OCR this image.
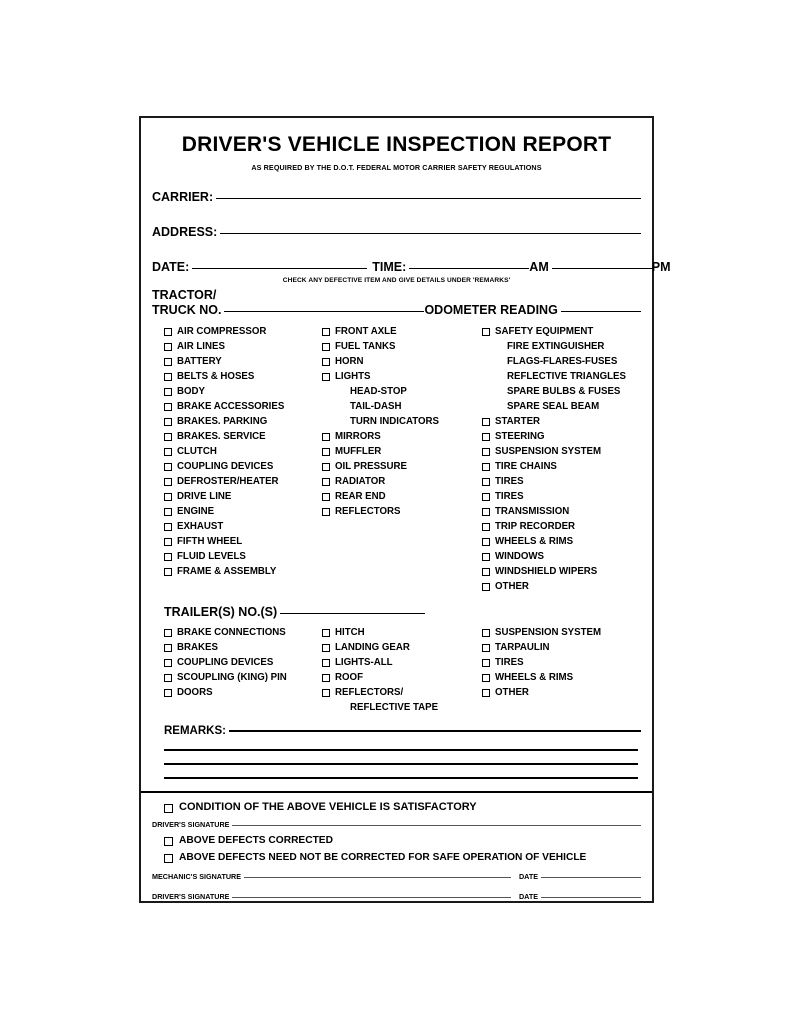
DRIVER'S VEHICLE INSPECTION REPORT
AS REQUIRED BY THE D.O.T. FEDERAL MOTOR CARRIER SAFETY REGULATIONS
CARRIER:
ADDRESS:
DATE:	TIME:	AM	PM
CHECK ANY DEFECTIVE ITEM AND GIVE DETAILS UNDER 'REMARKS'
TRACTOR/
TRUCK NO.	ODOMETER READING
AIR COMPRESSOR
AIR LINES
BATTERY
BELTS & HOSES
BODY
BRAKE ACCESSORIES
BRAKES. PARKING
BRAKES. SERVICE
CLUTCH
COUPLING DEVICES
DEFROSTER/HEATER
DRIVE LINE
ENGINE
EXHAUST
FIFTH WHEEL
FLUID LEVELS
FRAME & ASSEMBLY
FRONT AXLE
FUEL TANKS
HORN
LIGHTS
HEAD-STOP
TAIL-DASH
TURN INDICATORS
MIRRORS
MUFFLER
OIL PRESSURE
RADIATOR
REAR END
REFLECTORS
SAFETY EQUIPMENT
FIRE EXTINGUISHER
FLAGS-FLARES-FUSES
REFLECTIVE TRIANGLES
SPARE BULBS & FUSES
SPARE SEAL BEAM
STARTER
STEERING
SUSPENSION SYSTEM
TIRE CHAINS
TIRES
TIRES
TRANSMISSION
TRIP RECORDER
WHEELS & RIMS
WINDOWS
WINDSHIELD WIPERS
OTHER
TRAILER(S) NO.(S)
BRAKE CONNECTIONS
BRAKES
COUPLING DEVICES
SCOUPLING (KING) PIN
DOORS
HITCH
LANDING GEAR
LIGHTS-ALL
ROOF
REFLECTORS/
REFLECTIVE TAPE
SUSPENSION SYSTEM
TARPAULIN
TIRES
WHEELS & RIMS
OTHER
REMARKS:
CONDITION OF THE ABOVE VEHICLE IS SATISFACTORY
DRIVER'S SIGNATURE
ABOVE DEFECTS CORRECTED
ABOVE DEFECTS NEED NOT BE CORRECTED FOR SAFE OPERATION OF VEHICLE
MECHANIC'S SIGNATURE	DATE
DRIVER'S SIGNATURE	DATE
